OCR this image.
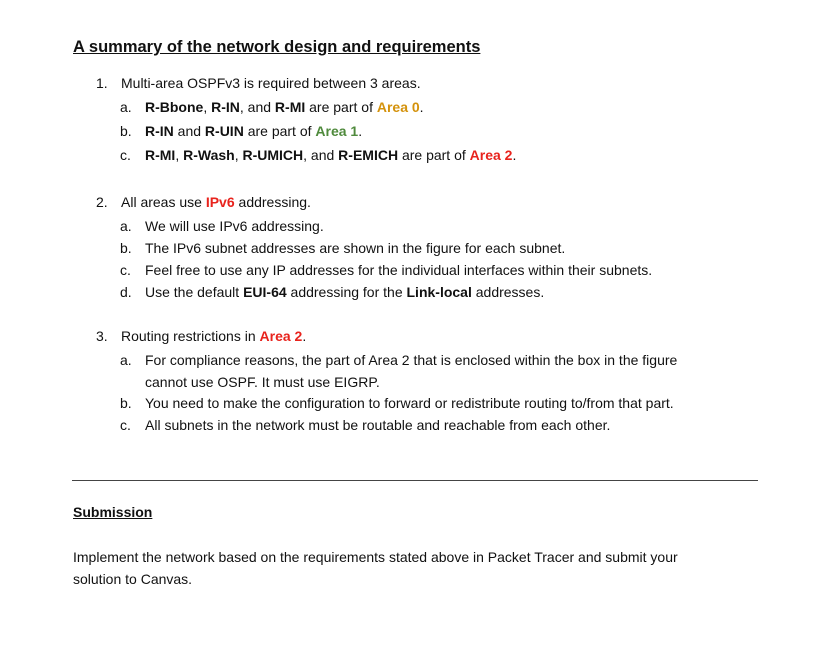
A summary of the network design and requirements
1. Multi-area OSPFv3 is required between 3 areas.
a. R-Bbone, R-IN, and R-MI are part of Area 0.
b. R-IN and R-UIN are part of Area 1.
c. R-MI, R-Wash, R-UMICH, and R-EMICH are part of Area 2.
2. All areas use IPv6 addressing.
a. We will use IPv6 addressing.
b. The IPv6 subnet addresses are shown in the figure for each subnet.
c. Feel free to use any IP addresses for the individual interfaces within their subnets.
d. Use the default EUI-64 addressing for the Link-local addresses.
3. Routing restrictions in Area 2.
a. For compliance reasons, the part of Area 2 that is enclosed within the box in the figure
cannot use OSPF. It must use EIGRP.
b. You need to make the configuration to forward or redistribute routing to/from that part.
c. All subnets in the network must be routable and reachable from each other.
Submission
Implement the network based on the requirements stated above in Packet Tracer and submit your
solution to Canvas.
